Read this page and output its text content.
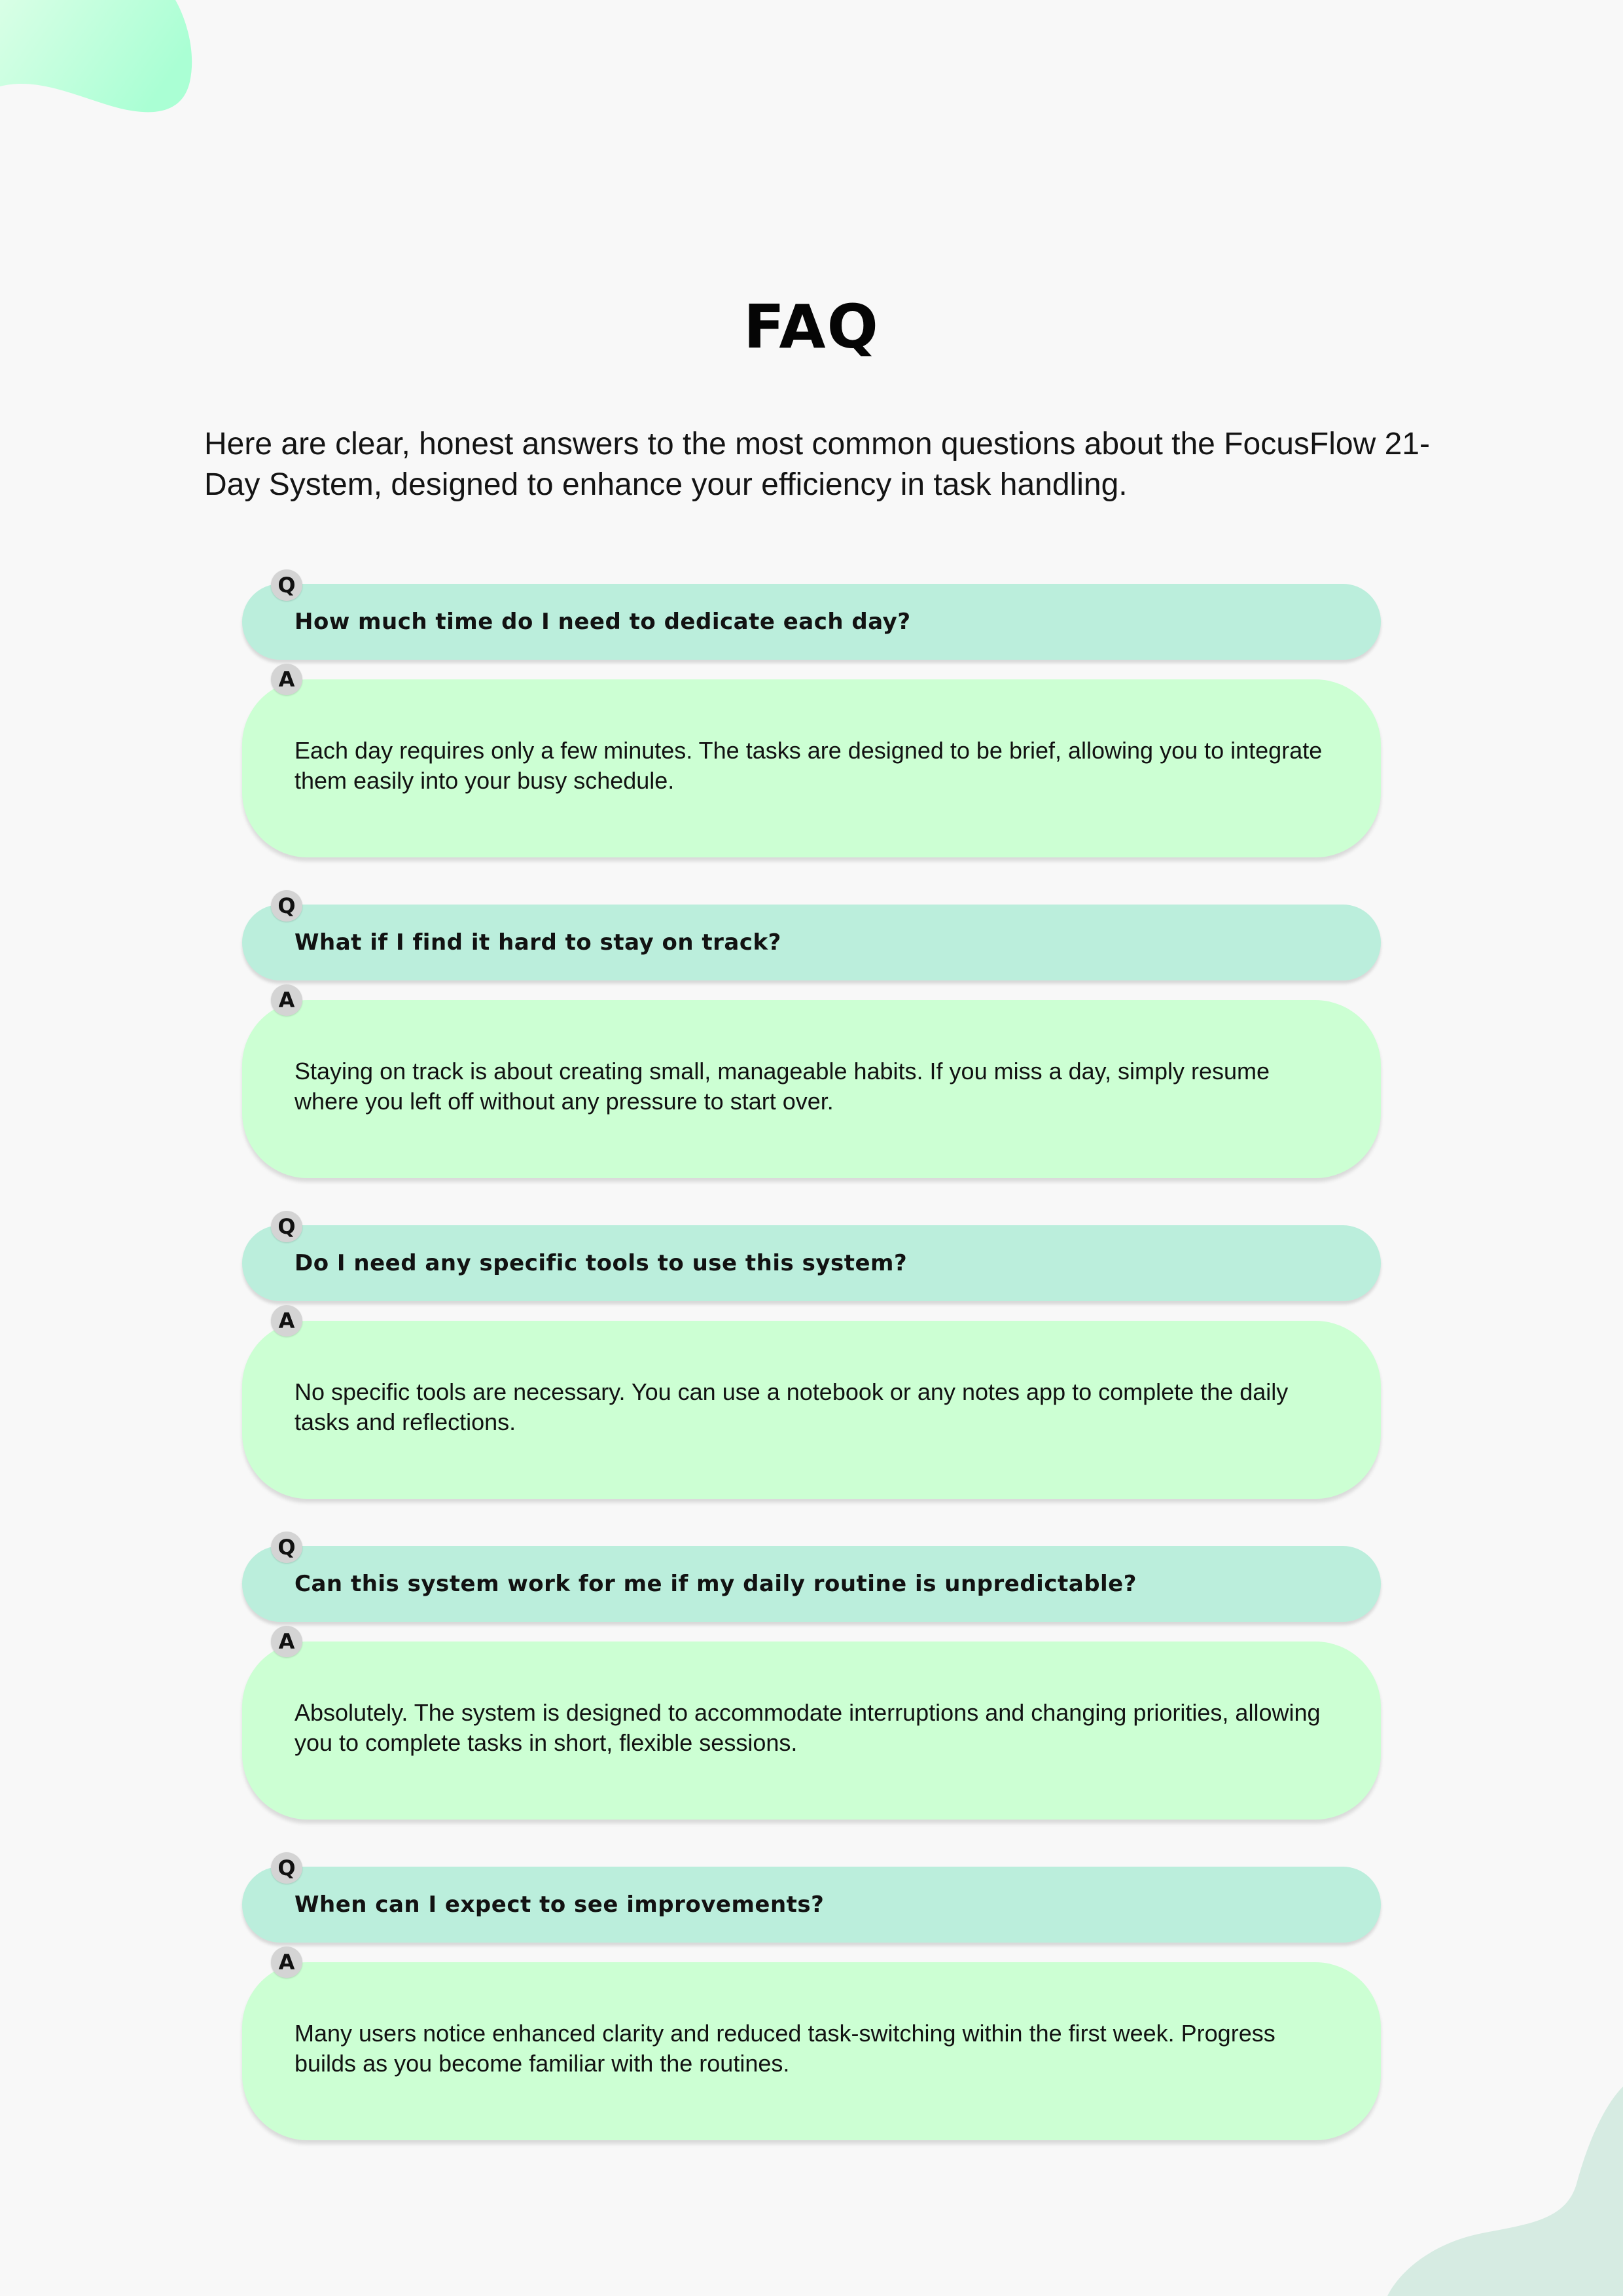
FAQ
Here are clear, honest answers to the most common questions about the FocusFlow 21-Day System, designed to enhance your efficiency in task handling.
How much time do I need to dedicate each day?
Each day requires only a few minutes. The tasks are designed to be brief, allowing you to integrate them easily into your busy schedule.
Q
A
What if I find it hard to stay on track?
Staying on track is about creating small, manageable habits. If you miss a day, simply resume where you left off without any pressure to start over.
Q
A
Do I need any specific tools to use this system?
No specific tools are necessary. You can use a notebook or any notes app to complete the daily tasks and reflections.
Q
A
Can this system work for me if my daily routine is unpredictable?
Absolutely. The system is designed to accommodate interruptions and changing priorities, allowing you to complete tasks in short, flexible sessions.
Q
A
When can I expect to see improvements?
Many users notice enhanced clarity and reduced task-switching within the first week. Progress builds as you become familiar with the routines.
Q
A
